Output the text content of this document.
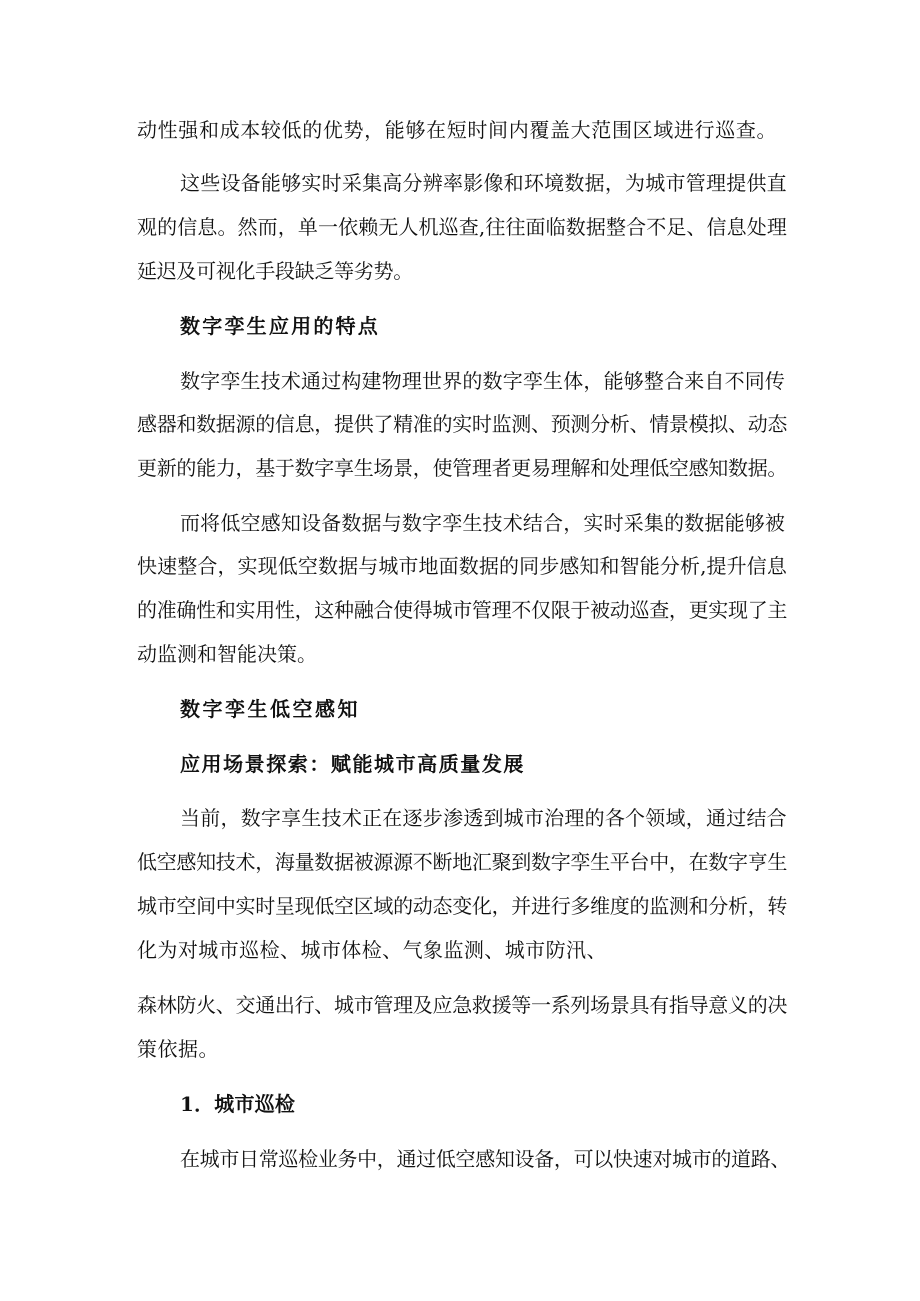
动性强和成本较低的优势，能够在短时间内覆盖大范围区域进行巡查。

这些设备能够实时采集高分辨率影像和环境数据，为城市管理提供直

观的信息。然而，单一依赖无人机巡查,往往面临数据整合不足、信息处理

延迟及可视化手段缺乏等劣势。

数字孪生应用的特点

数字孪生技术通过构建物理世界的数字孪生体，能够整合来自不同传

感器和数据源的信息，提供了精准的实时监测、预测分析、情景模拟、动态

更新的能力，基于数字享生场景，使管理者更易理解和处理低空感知数据。

而将低空感知设备数据与数字孪生技术结合，实时采集的数据能够被

快速整合，实现低空数据与城市地面数据的同步感知和智能分析,提升信息

的准确性和实用性，这种融合使得城市管理不仅限于被动巡查，更实现了主

动监测和智能决策。

数字孪生低空感知

应用场景探索：赋能城市高质量发展

当前，数字享生技术正在逐步渗透到城市治理的各个领域，通过结合

低空感知技术，海量数据被源源不断地汇聚到数字孪生平台中，在数字亨生

城市空间中实时呈现低空区域的动态变化，并进行多维度的监测和分析，转

化为对城市巡检、城市体检、气象监测、城市防汛、

森林防火、交通出行、城市管理及应急救援等一系列场景具有指导意义的决

策依据。

1．城市巡检

在城市日常巡检业务中，通过低空感知设备，可以快速对城市的道路、
